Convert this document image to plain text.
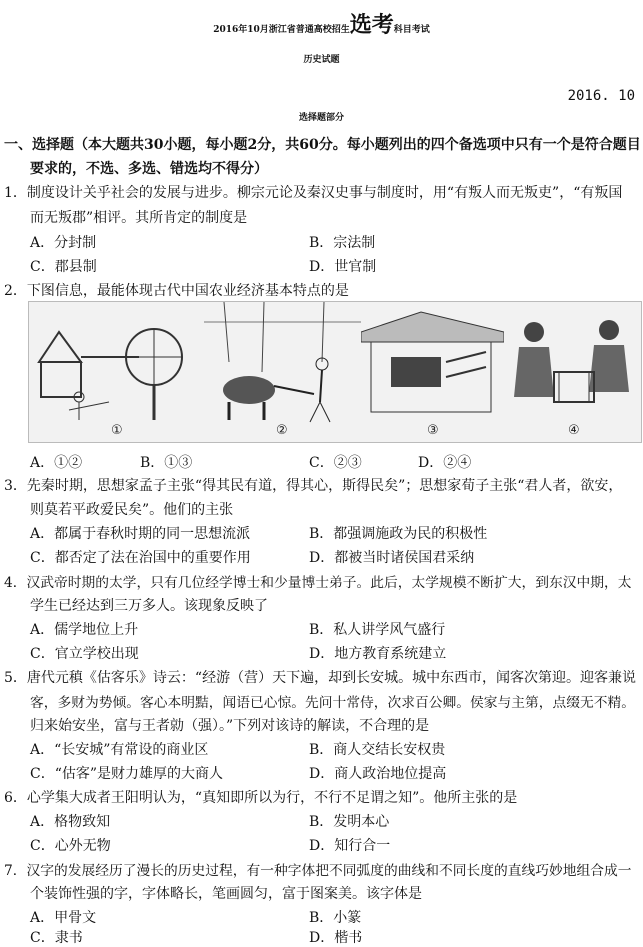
2016年10月浙江省普通高校招生选考科目考试
历史试题
2016. 10
选择题部分
一、选择题（本大题共30小题，每小题2分，共60分。每小题列出的四个备选项中只有一个是符合题目
要求的，不选、多选、错选均不得分）
1．制度设计关乎社会的发展与进步。柳宗元论及秦汉史事与制度时，用“有叛人而无叛吏”，“有叛国
而无叛郡”相评。其所肯定的制度是
A．分封制	B．宗法制
C．郡县制	D．世官制
2．下图信息，最能体现古代中国农业经济基本特点的是
①	②	③	④
A．①②	B．①③	C．②③	D．②④
3．先秦时期，思想家孟子主张“得其民有道，得其心，斯得民矣”；思想家荀子主张“君人者，欲安，
则莫若平政爱民矣”。他们的主张
A．都属于春秋时期的同一思想流派	B．都强调施政为民的积极性
C．都否定了法在治国中的重要作用	D．都被当时诸侯国君采纳
4．汉武帝时期的太学，只有几位经学博士和少量博士弟子。此后，太学规模不断扩大，到东汉中期，太
学生已经达到三万多人。该现象反映了
A．儒学地位上升	B．私人讲学风气盛行
C．官立学校出现	D．地方教育系统建立
5．唐代元稹《估客乐》诗云：“经游（营）天下遍，却到长安城。城中东西市，闻客次第迎。迎客兼说
客，多财为势倾。客心本明黠，闻语已心惊。先问十常侍，次求百公卿。侯家与主第，点缀无不精。
归来始安坐，富与王者勍（强）。”下列对该诗的解读，不合理的是
A．“长安城”有常设的商业区	B．商人交结长安权贵
C．“估客”是财力雄厚的大商人	D．商人政治地位提高
6．心学集大成者王阳明认为，“真知即所以为行，不行不足谓之知”。他所主张的是
A．格物致知	B．发明本心
C．心外无物	D．知行合一
7．汉字的发展经历了漫长的历史过程，有一种字体把不同弧度的曲线和不同长度的直线巧妙地组合成一
个装饰性强的字，字体略长，笔画圆匀，富于图案美。该字体是
A．甲骨文	B．小篆
C．隶书	D．楷书
